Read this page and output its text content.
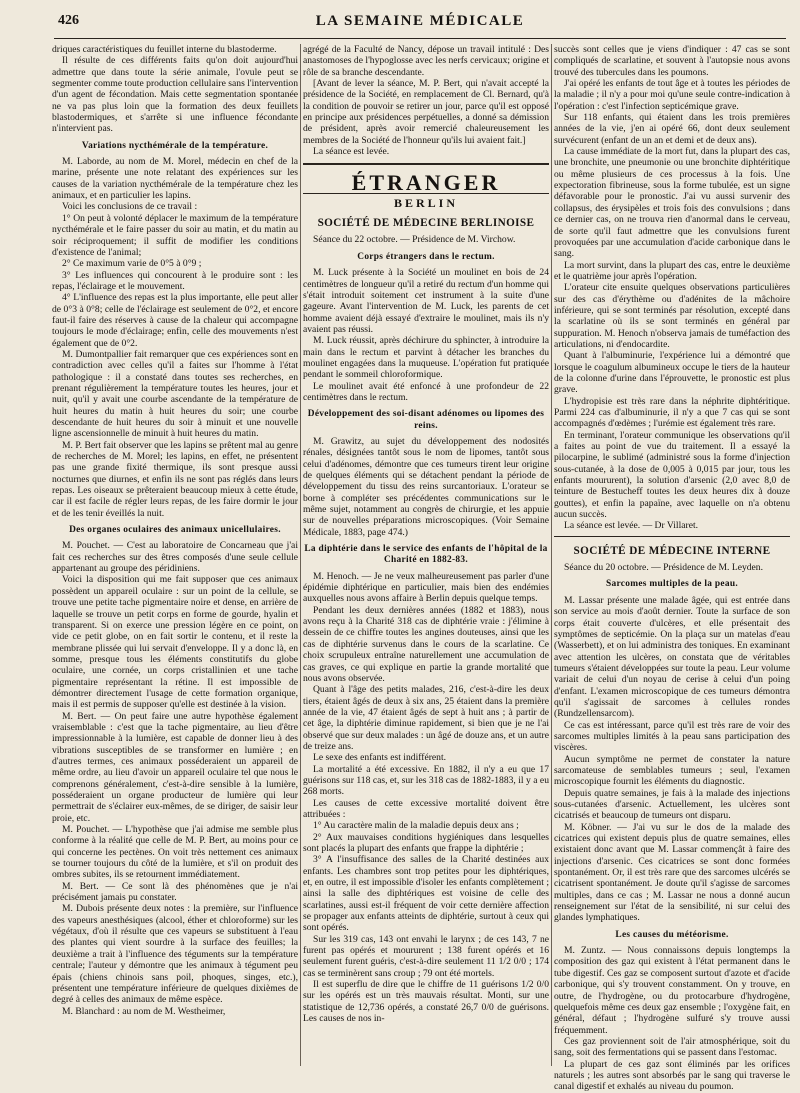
426	LA SEMAINE MÉDICALE

driques caractéristiques du feuillet interne du blastoderme.

Il résulte de ces différents faits qu'on doit aujourd'hui admettre que dans toute la série animale, l'ovule peut se segmenter comme toute production cellulaire sans l'intervention d'un agent de fécondation. Mais cette segmentation spontanée ne va pas plus loin que la formation des deux feuillets blastodermiques, et s'arrête si une influence fécondante n'intervient pas.

Variations nycthémérale de la température.

M. Laborde, au nom de M. Morel, médecin en chef de la marine, présente une note relatant des expériences sur les causes de la variation nycthémérale de la température chez les animaux, et en particulier les lapins.

Voici les conclusions de ce travail :

1° On peut à volonté déplacer le maximum de la température nycthémérale et le faire passer du soir au matin, et du matin au soir réciproquement; il suffit de modifier les conditions d'existence de l'animal;

2° Ce maximum varie de 0°5 à 0°9 ;

3° Les influences qui concourent à le produire sont : les repas, l'éclairage et le mouvement.

4° L'influence des repas est la plus importante, elle peut aller de 0°3 à 0°8; celle de l'éclairage est seulement de 0°2, et encore faut-il faire des réserves à cause de la chaleur qui accompagne toujours le mode d'éclairage; enfin, celle des mouvements n'est également que de 0°2.

M. Dumontpallier fait remarquer que ces expériences sont en contradiction avec celles qu'il a faites sur l'homme à l'état pathologique : il a constaté dans toutes ses recherches, en prenant régulièrement la température toutes les heures, jour et nuit, qu'il y avait une courbe ascendante de la température de huit heures du matin à huit heures du soir; une courbe descendante de huit heures du soir à minuit et une nouvelle ligne ascensionnelle de minuit à huit heures du matin.

M. P. Bert fait observer que les lapins se prêtent mal au genre de recherches de M. Morel; les lapins, en effet, ne présentent pas une grande fixité thermique, ils sont presque aussi nocturnes que diurnes, et enfin ils ne sont pas réglés dans leurs repas. Les oiseaux se prêteraient beaucoup mieux à cette étude, car il est facile de régler leurs repas, de les faire dormir le jour et de les tenir éveillés la nuit.

Des organes oculaires des animaux unicellulaires.

M. Pouchet. — C'est au laboratoire de Concarneau que j'ai fait ces recherches sur des êtres composés d'une seule cellule appartenant au groupe des péridiniens.

Voici la disposition qui me fait supposer que ces animaux possèdent un appareil oculaire : sur un point de la cellule, se trouve une petite tache pigmentaire noire et dense, en arrière de laquelle se trouve un petit corps en forme de gourde, hyalin et transparent. Si on exerce une pression légère en ce point, on vide ce petit globe, on en fait sortir le contenu, et il reste la membrane plissée qui lui servait d'enveloppe. Il y a donc là, en somme, presque tous les éléments constitutifs du globe oculaire, une cornée, un corps cristallinien et une tache pigmentaire représentant la rétine. Il est impossible de démontrer directement l'usage de cette formation organique, mais il est permis de supposer qu'elle est destinée à la vision.

M. Bert. — On peut faire une autre hypothèse également vraisemblable : c'est que la tache pigmentaire, au lieu d'être impressionnable à la lumière, est capable de donner lieu à des vibrations susceptibles de se transformer en lumière ; en d'autres termes, ces animaux posséderaient un appareil de même ordre, au lieu d'avoir un appareil oculaire tel que nous le comprenons généralement, c'est-à-dire sensible à la lumière, posséderaient un organe producteur de lumière qui leur permettrait de s'éclairer eux-mêmes, de se diriger, de saisir leur proie, etc.

M. Pouchet. — L'hypothèse que j'ai admise me semble plus conforme à la réalité que celle de M. P. Bert, au moins pour ce qui concerne les pectènes. On voit très nettement ces animaux se tourner toujours du côté de la lumière, et s'il on produit des ombres subites, ils se retournent immédiatement.

M. Bert. — Ce sont là des phénomènes que je n'ai précisément jamais pu constater.

M. Dubois présente deux notes : la première, sur l'influence des vapeurs anesthésiques (alcool, éther et chloroforme) sur les végétaux, d'où il résulte que ces vapeurs se substituent à l'eau des plantes qui vient sourdre à la surface des feuilles; la deuxième a trait à l'influence des téguments sur la température centrale; l'auteur y démontre que les animaux à tégument peu épais (chiens chinois sans poil, phoques, singes, etc.), présentent une température inférieure de quelques dixièmes de degré à celles des animaux de même espèce.

M. Blanchard : au nom de M. Westheimer,

agrégé de la Faculté de Nancy, dépose un travail intitulé : Des anastomoses de l'hypoglosse avec les nerfs cervicaux; origine et rôle de sa branche descendante.

[Avant de lever la séance, M. P. Bert, qui n'avait accepté la présidence de la Société, en remplacement de Cl. Bernard, qu'à la condition de pouvoir se retirer un jour, parce qu'il est opposé en principe aux présidences perpétuelles, a donné sa démission de président, après avoir remercié chaleureusement les membres de la Société de l'honneur qu'ils lui avaient fait.]

La séance est levée.

ÉTRANGER
BERLIN
SOCIÉTÉ DE MÉDECINE BERLINOISE

Séance du 22 octobre. — Présidence de M. Virchow.

Corps étrangers dans le rectum.

M. Luck présente à la Société un moulinet en bois de 24 centimètres de longueur qu'il a retiré du rectum d'un homme qui s'était introduit soitement cet instrument à la suite d'une gageure. Avant l'intervention de M. Luck, les parents de cet homme avaient déjà essayé d'extraire le moulinet, mais ils n'y avaient pas réussi.

M. Luck réussit, après déchirure du sphincter, à introduire la main dans le rectum et parvint à détacher les branches du moulinet engagées dans la muqueuse. L'opération fut pratiquée pendant le sommeil chloroformique.

Le moulinet avait été enfoncé à une profondeur de 22 centimètres dans le rectum.

Développement des soi-disant adénomes ou lipomes des reins.

M. Grawitz, au sujet du développement des nodosités rénales, désignées tantôt sous le nom de lipomes, tantôt sous celui d'adénomes, démontre que ces tumeurs tirent leur origine de quelques éléments qui se détachent pendant la période de développement du tissu des reins surcantoriaux. L'orateur se borne à compléter ses précédentes communications sur le même sujet, notamment au congrès de chirurgie, et les appuie sur de nouvelles préparations microscopiques. (Voir Semaine Médicale, 1883, page 474.)

La diphtérie dans le service des enfants de l'hôpital de la Charité en 1882-83.

M. Henoch. — Je ne veux malheureusement pas parler d'une épidémie diphtérique en particulier, mais bien des endémies auxquelles nous avons affaire à Berlin depuis quelque temps.

Pendant les deux dernières années (1882 et 1883), nous avons reçu à la Charité 318 cas de diphtérie vraie : j'élimine à dessein de ce chiffre toutes les angines douteuses, ainsi que les cas de diphtérie survenus dans le cours de la scarlatine. Ce choix scrupuleux entraîne naturellement une accumulation de cas graves, ce qui explique en partie la grande mortalité que nous avons observée.

Quant à l'âge des petits malades, 216, c'est-à-dire les deux tiers, étaient âgés de deux à six ans, 25 étaient dans la première année de la vie, 47 étaient âgés de sept à huit ans ; à partir de cet âge, la diphtérie diminue rapidement, si bien que je ne l'ai observé que sur deux malades : un âgé de douze ans, et un autre de treize ans.

Le sexe des enfants est indifférent.

La mortalité a été excessive. En 1882, il n'y a eu que 17 guérisons sur 118 cas, et, sur les 318 cas de 1882-1883, il y a eu 268 morts.

Les causes de cette excessive mortalité doivent être attribuées :

1° Au caractère malin de la maladie depuis deux ans ;

2° Aux mauvaises conditions hygiéniques dans lesquelles sont placés la plupart des enfants que frappe la diphtérie ;

3° A l'insuffisance des salles de la Charité destinées aux enfants. Les chambres sont trop petites pour les diphtériques, et, en outre, il est impossible d'isoler les enfants complètement ; ainsi la salle des diphtériques est voisine de celle des scarlatines, aussi est-il fréquent de voir cette dernière affection se propager aux enfants atteints de diphtérie, surtout à ceux qui sont opérés.

Sur les 319 cas, 143 ont envahi le larynx ; de ces 143, 7 ne furent pas opérés et moururent ; 138 furent opérés et 16 seulement furent guéris, c'est-à-dire seulement 11 1/2 0/0 ; 174 cas se terminèrent sans croup ; 79 ont été mortels.

Il est superflu de dire que le chiffre de 11 guérisons 1/2 0/0 sur les opérés est un très mauvais résultat. Monti, sur une statistique de 12,736 opérés, a constaté 26,7 0/0 de guérisons. Les causes de nos in-

succès sont celles que je viens d'indiquer : 47 cas se sont compliqués de scarlatine, et souvent à l'autopsie nous avons trouvé des tubercules dans les poumons.

J'ai opéré les enfants de tout âge et à toutes les périodes de la maladie ; il n'y a pour moi qu'une seule contre-indication à l'opération : c'est l'infection septicémique grave.

Sur 118 enfants, qui étaient dans les trois premières années de la vie, j'en ai opéré 66, dont deux seulement survécurent (enfant de un an et demi et de deux ans).

La cause immédiate de la mort fut, dans la plupart des cas, une bronchite, une pneumonie ou une bronchite diphtéritique ou même plusieurs de ces processus à la fois. Une expectoration fibrineuse, sous la forme tubulée, est un signe défavorable pour le pronostic. J'ai vu aussi survenir des collapsus, des érysipèles et trois fois des convulsions ; dans ce dernier cas, on ne trouva rien d'anormal dans le cerveau, de sorte qu'il faut admettre que les convulsions furent provoquées par une accumulation d'acide carbonique dans le sang.

La mort survint, dans la plupart des cas, entre le deuxième et le quatrième jour après l'opération.

L'orateur cite ensuite quelques observations particulières sur des cas d'érythème ou d'adénites de la mâchoire inférieure, qui se sont terminés par résolution, excepté dans la scarlatine où ils se sont terminés en général par suppuration. M. Henoch n'observa jamais de tuméfaction des articulations, ni d'endocardite.

Quant à l'albuminurie, l'expérience lui a démontré que lorsque le coagulum albumineux occupe le tiers de la hauteur de la colonne d'urine dans l'éprouvette, le pronostic est plus grave.

L'hydropisie est très rare dans la néphrite diphtéritique. Parmi 224 cas d'albuminurie, il n'y a que 7 cas qui se sont accompagnés d'œdèmes ; l'urémie est également très rare.

En terminant, l'orateur communique les observations qu'il a faites au point de vue du traitement. Il a essayé la pilocarpine, le sublimé (administré sous la forme d'injection sous-cutanée, à la dose de 0,005 à 0,015 par jour, tous les enfants moururent), la solution d'arsenic (2,0 avec 8,0 de teinture de Bestucheff toutes les deux heures dix à douze gouttes), et enfin la papaïne, avec laquelle on n'a obtenu aucun succès.

La séance est levée. — Dr Villaret.

SOCIÉTÉ DE MÉDECINE INTERNE

Séance du 20 octobre. — Présidence de M. Leyden.

Sarcomes multiples de la peau.

M. Lassar présente une malade âgée, qui est entrée dans son service au mois d'août dernier. Toute la surface de son corps était couverte d'ulcères, et elle présentait des symptômes de septicémie. On la plaça sur un matelas d'eau (Wasserbett), et on lui administra des toniques. En examinant avec attention les ulcères, on constata que de véritables tumeurs s'étaient développées sur toute la peau. Leur volume variait de celui d'un noyau de cerise à celui d'un poing d'enfant. L'examen microscopique de ces tumeurs démontra qu'il s'agissait de sarcomes à cellules rondes (Rundzellensarcom).

Ce cas est intéressant, parce qu'il est très rare de voir des sarcomes multiples limités à la peau sans participation des viscères.

Aucun symptôme ne permet de constater la nature sarcomateuse de semblables tumeurs ; seul, l'examen microscopique fournit les éléments du diagnostic.

Depuis quatre semaines, je fais à la malade des injections sous-cutanées d'arsenic. Actuellement, les ulcères sont cicatrisés et beaucoup de tumeurs ont disparu.

M. Köbner. — J'ai vu sur le dos de la malade des cicatrices qui existent depuis plus de quatre semaines, elles existaient donc avant que M. Lassar commençât à faire des injections d'arsenic. Ces cicatrices se sont donc formées spontanément. Or, il est très rare que des sarcomes ulcérés se cicatrisent spontanément. Je doute qu'il s'agisse de sarcomes multiples, dans ce cas ; M. Lassar ne nous a donné aucun renseignement sur l'état de la sensibilité, ni sur celui des glandes lymphatiques.

Les causes du météorisme.

M. Zuntz. — Nous connaissons depuis longtemps la composition des gaz qui existent à l'état permanent dans le tube digestif. Ces gaz se composent surtout d'azote et d'acide carbonique, qui s'y trouvent constamment. On y trouve, en outre, de l'hydrogène, ou du protocarbure d'hydrogène, quelquefois même ces deux gaz ensemble ; l'oxygène fait, en général, défaut ; l'hydrogène sulfuré s'y trouve aussi fréquemment.

Ces gaz proviennent soit de l'air atmosphérique, soit du sang, soit des fermentations qui se passent dans l'estomac.

La plupart de ces gaz sont éliminés par les orifices naturels ; les autres sont absorbés par le sang qui traverse le canal digestif et exhalés au niveau du poumon.
